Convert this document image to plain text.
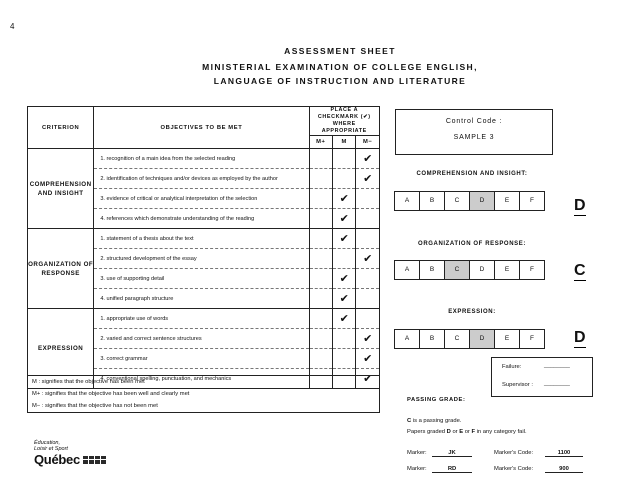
4
ASSESSMENT SHEET
MINISTERIAL EXAMINATION OF COLLEGE ENGLISH,
LANGUAGE OF INSTRUCTION AND LITERATURE
CRITERION	OBJECTIVES TO BE MET	PLACE A CHECKMARK (✔)
WHERE APPROPRIATE		

		M+	M	M−
COMPREHENSION AND INSIGHT	1. recognition of a main idea from the selected reading			✔
	2. identification of techniques and/or devices as employed by the author			✔
	3. evidence of critical or analytical interpretation of the selection		✔	
	4. references which demonstrate understanding of the reading		✔	
ORGANIZATION OF RESPONSE	1. statement of a thesis about the text		✔	
	2. structured development of the essay			✔
	3. use of supporting detail		✔	
	4. unified paragraph structure		✔	
EXPRESSION	1. appropriate use of words		✔	
	2. varied and correct sentence structures			✔
	3. correct grammar			✔
	4. conventional spelling, punctuation, and mechanics			✔
M : signifies that the objective has been met
M+ : signifies that the objective has been well and clearly met
M− : signifies that the objective has not been met
Control Code :
SAMPLE 3
COMPREHENSION AND INSIGHT:
A	B	C	D	E	F	D
ORGANIZATION OF RESPONSE:
A	B	C	D	E	F	C
EXPRESSION:
A	B	C	D	E	F	D
Failure:	________
Supervisor : ________
PASSING GRADE:
C is a passing grade.
Papers graded D or E or F in any category fail.
Marker:	JK	Marker's Code:	1100
Marker:	RD	Marker's Code:	900
Éducation,
Loisir et Sport
Québec
